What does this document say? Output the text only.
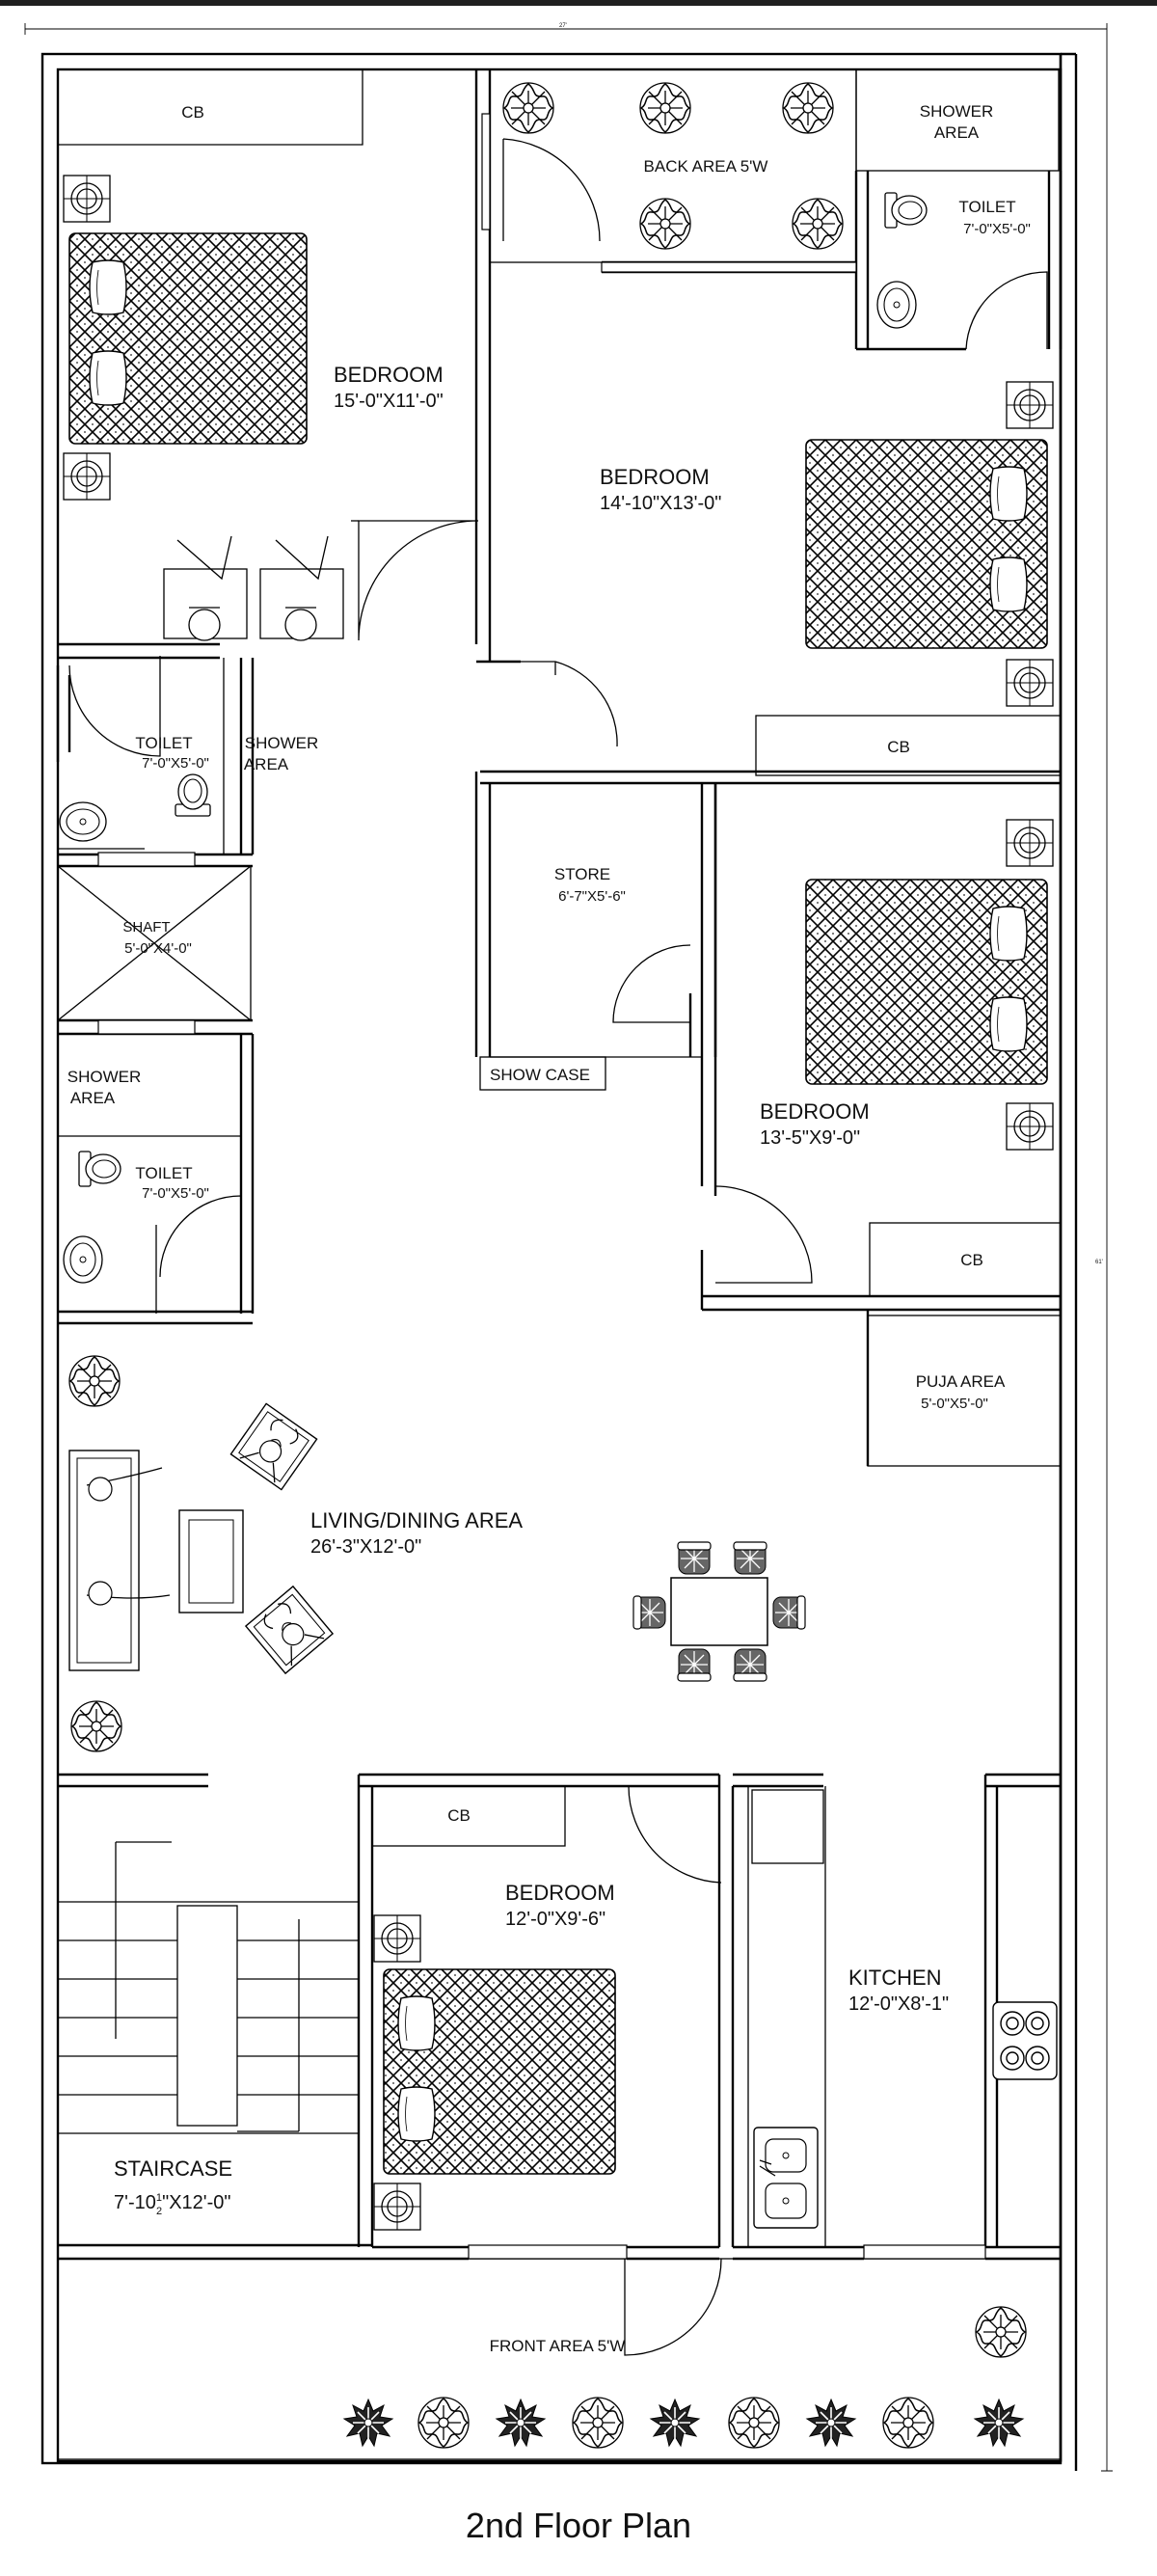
27'
61'
SHOWER
AREA
CB
BEDROOM
15'-0"X11'-0"
BACK AREA 5'W
TOILET
7'-0"X5'-0"
BEDROOM
14'-10"X13'-0"
CB
TOILET
7'-0"X5'-0"
SHOWER
AREA
STORE
6'-7"X5'-6"
SHOW CASE
SHAFT
5'-0"X4'-0"
BEDROOM
13'-5"X9'-0"
SHOWER
AREA
TOILET
7'-0"X5'-0"
CB
PUJA AREA
5'-0"X5'-0"
LIVING/DINING AREA
26'-3"X12'-0"
CB
BEDROOM
12'-0"X9'-6"
KITCHEN
12'-0"X8'-1"
STAIRCASE
$7'-10^1$ 2"X12'-0"
FRONT AREA 5'W
2nd Floor Plan
